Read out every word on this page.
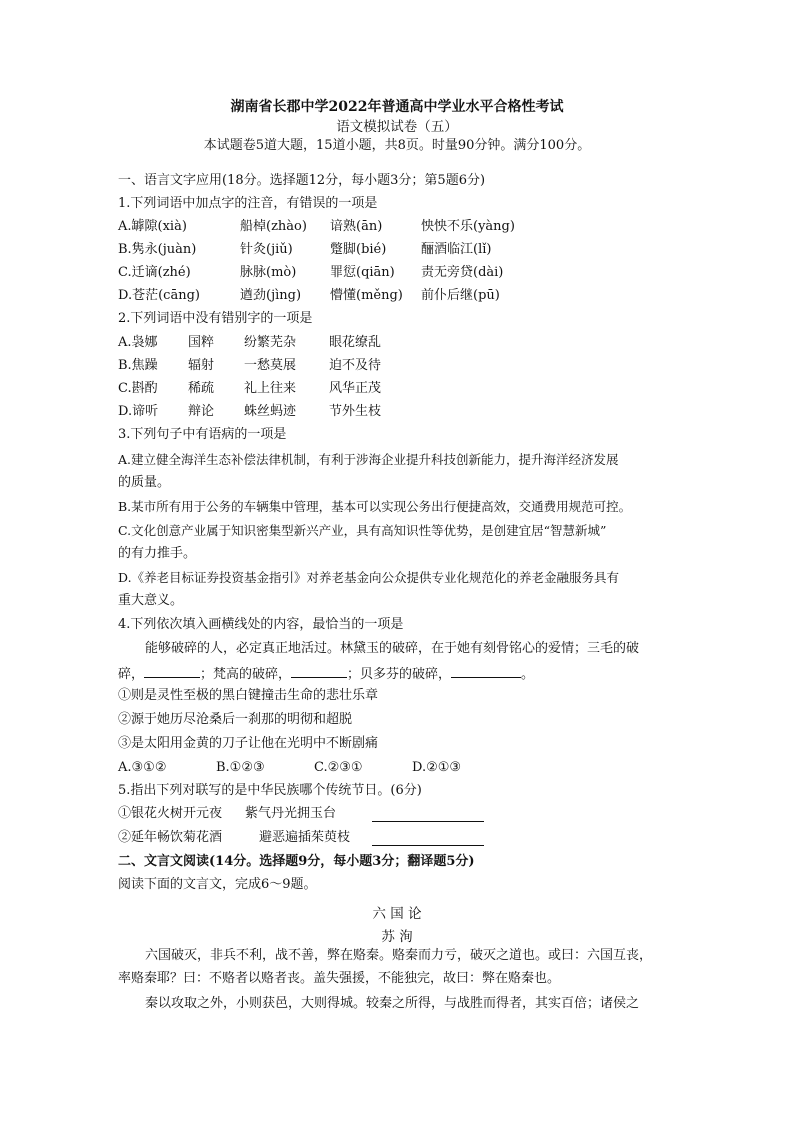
湖南省长郡中学2022年普通高中学业水平合格性考试
语文模拟试卷（五）
本试题卷5道大题，15道小题，共8页。时量90分钟。满分100分。
一、语言文字应用(18分。选择题12分，每小题3分；第5题6分)
1.下列词语中加点字的注音，有错误的一项是
A.罅隙(xià)	船棹(zhào) 谙熟(ān)	怏怏不乐(yàng)
B.隽永(juàn)	针灸(jiǔ)	蹩脚(bié)	酾酒临江(lǐ)
C.迁谪(zhé)	脉脉(mò)	罪愆(qiān) 责无旁贷(dài)
D.苍茫(cāng)	遒劲(jìng) 懵懂(měng) 前仆后继(pū)
2.下列词语中没有错别字的一项是
A.袅娜 国粹 纷繁芜杂	眼花缭乱
B.焦躁 辐射 一愁莫展	迫不及待
C.斟酌 稀疏 礼上往来	风华正茂
D.谛听 辩论 蛛丝蚂迹	节外生枝
3.下列句子中有语病的一项是
A.建立健全海洋生态补偿法律机制，有利于涉海企业提升科技创新能力，提升海洋经济发展
的质量。
B.某市所有用于公务的车辆集中管理，基本可以实现公务出行便捷高效，交通费用规范可控。
C.文化创意产业属于知识密集型新兴产业，具有高知识性等优势，是创建宜居“智慧新城”
的有力推手。
D.《养老目标证券投资基金指引》对养老基金向公众提供专业化规范化的养老金融服务具有
重大意义。
4.下列依次填入画横线处的内容，最恰当的一项是
能够破碎的人，必定真正地活过。林黛玉的破碎，在于她有刻骨铭心的爱情；三毛的破
碎，	；梵高的破碎，	；贝多芬的破碎，	。
①则是灵性至极的黑白键撞击生命的悲壮乐章
②源于她历尽沧桑后一刹那的明彻和超脱
③是太阳用金黄的刀子让他在光明中不断剧痛
A.③①②	B.①②③	C.②③①	D.②①③
5.指出下列对联写的是中华民族哪个传统节日。(6分)
①银花火树开元夜 紫气丹光拥玉台
②延年畅饮菊花酒	避恶遍插茱萸枝
二、文言文阅读(14分。选择题9分，每小题3分；翻译题5分)
阅读下面的文言文，完成6～9题。
六 国 论
苏 洵
六国破灭，非兵不利，战不善，弊在赂秦。赂秦而力亏，破灭之道也。或曰：六国互丧，
率赂秦耶？曰：不赂者以赂者丧。盖失强援，不能独完，故曰：弊在赂秦也。
秦以攻取之外，小则获邑，大则得城。较秦之所得，与战胜而得者，其实百倍；诸侯之
